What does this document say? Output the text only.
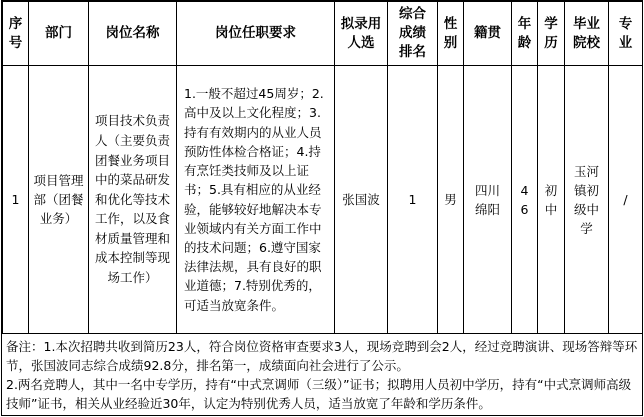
序号	部门	岗位名称	岗位任职要求	拟录用人选	综合成绩排名	性别	籍贯	年龄	学历	毕业院校	专业
1	项目管理部（团餐业务）	项目技术负责人（主要负责团餐业务项目中的菜品研发和优化等技术工作，以及食材质量管理和成本控制等现场工作）	1.一般不超过45周岁；2.高中及以上文化程度；3.持有有效期内的从业人员预防性体检合格证；4.持有烹饪类技师及以上证书；5.具有相应的从业经验，能够较好地解决本专业领域内有关方面工作中的技术问题；6.遵守国家法律法规，具有良好的职业道德；7.特别优秀的，可适当放宽条件。	张国波	1	男	四川绵阳	46	初中	玉河镇初级中学	/

备注：1.本次招聘共收到简历23人，符合岗位资格审查要求3人，现场竞聘到会2人，经过竞聘演讲、现场答辩等环节，张国波同志综合成绩92.8分，排名第一，成绩面向社会进行了公示。

2.两名竞聘人，其中一名中专学历，持有“中式烹调师（三级）”证书；拟聘用人员初中学历，持有“中式烹调师高级技师”证书，相关从业经验近30年，认定为特别优秀人员，适当放宽了年龄和学历条件。
